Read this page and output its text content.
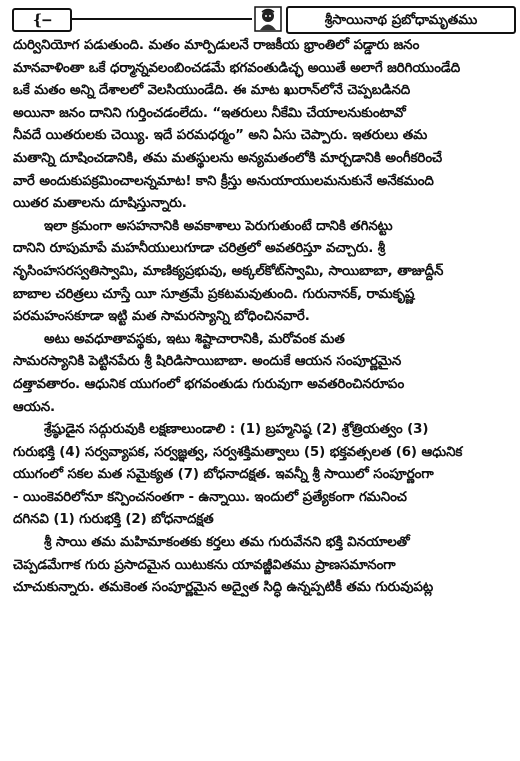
{౼	శ్రీసాయినాథ ప్రబోధామృతము
దుర్వినియోగ పడుతుంది. మతం మార్పిడులనే రాజకీయ భ్రాంతిలో పడ్డారు జనం
మానవాళింతా ఒకే ధర్మాన్నవలంబించడమే భగవంతుడిచ్ఛ అయితే అలాగే జరిగియుండేది
ఒకే మతం అన్ని దేశాలలో వెలసియుండేది. ఈ మాట ఖురాన్‌లోనే చెప్పబడినది
అయినా జనం దానిని గుర్తించడంలేదు. “ఇతరులు నీకేమి చేయాలనుకుంటావో
నీవదే యితరులకు చెయ్యి. ఇదే పరమధర్మం” అని ఏసు చెప్పారు. ఇతరులు తమ
మతాన్ని దూషించడానికి, తమ మతస్థులను అన్యమతంలోకి మార్చడానికి అంగీకరించే
వారే అందుకుపక్రమించాలన్నమాట! కాని క్రీస్తు అనుయాయులమనుకునే అనేకమంది
యితర మతాలను దూషిస్తున్నారు.
ఇలా క్రమంగా అసహనానికి అవకాశాలు పెరుగుతుంటే దానికి తగినట్టు
దానిని రూపుమాపే మహనీయులుగూడా చరిత్రలో అవతరిస్తూ వచ్చారు. శ్రీ
నృసింహసరస్వతిస్వామి, మాణిక్యప్రభువు, అక్కల్‌కోట్‌స్వామి, సాయిబాబా, తాజుద్దీన్
బాబాల చరిత్రలు చూస్తే యీ సూత్రమే ప్రకటమవుతుంది. గురునానక్, రామకృష్ణ
పరమహంసకూడా ఇట్టి మత సామరస్యాన్ని బోధించినవారే.
అటు అవధూతావస్థకు, ఇటు శిష్టాచారానికి, మరోవంక మత
సామరస్యానికి పెట్టినపేరు శ్రీ షిరిడిసాయిబాబా. అందుకే ఆయన సంపూర్ణమైన
దత్తావతారం. ఆధునిక యుగంలో భగవంతుడు గురువుగా అవతరించినరూపం
ఆయన.
శ్రేష్ఠుడైన సద్గురువుకి లక్షణాలుండాలి : (1) బ్రహ్మనిష్ఠ (2) శ్రోత్రియత్వం (3)
గురుభక్తి (4) సర్వవ్యాపక, సర్వజ్ఞత్వ, సర్వశక్తిమత్వాలు (5) భక్తవత్సలత (6) ఆధునిక
యుగంలో సకల మత సమైక్యత (7) బోధనాదక్షత. ఇవన్నీ శ్రీ సాయిలో సంపూర్ణంగా
- యింకెవరిలోనూ కన్పించనంతగా - ఉన్నాయి. ఇందులో ప్రత్యేకంగా గమనించ
దగినవి (1) గురుభక్తి (2) బోధనాదక్షత
శ్రీ సాయి తమ మహిమాకంతకు కర్తలు తమ గురువేనని భక్తి వినయాలతో
చెప్పడమేగాక గురు ప్రసాదమైన యిటుకను యావజ్జీవితము ప్రాణసమానంగా
చూచుకున్నారు. తమకెంత సంపూర్ణమైన అద్వైత సిద్ధి ఉన్నప్పటికీ తమ గురువుపట్ల
